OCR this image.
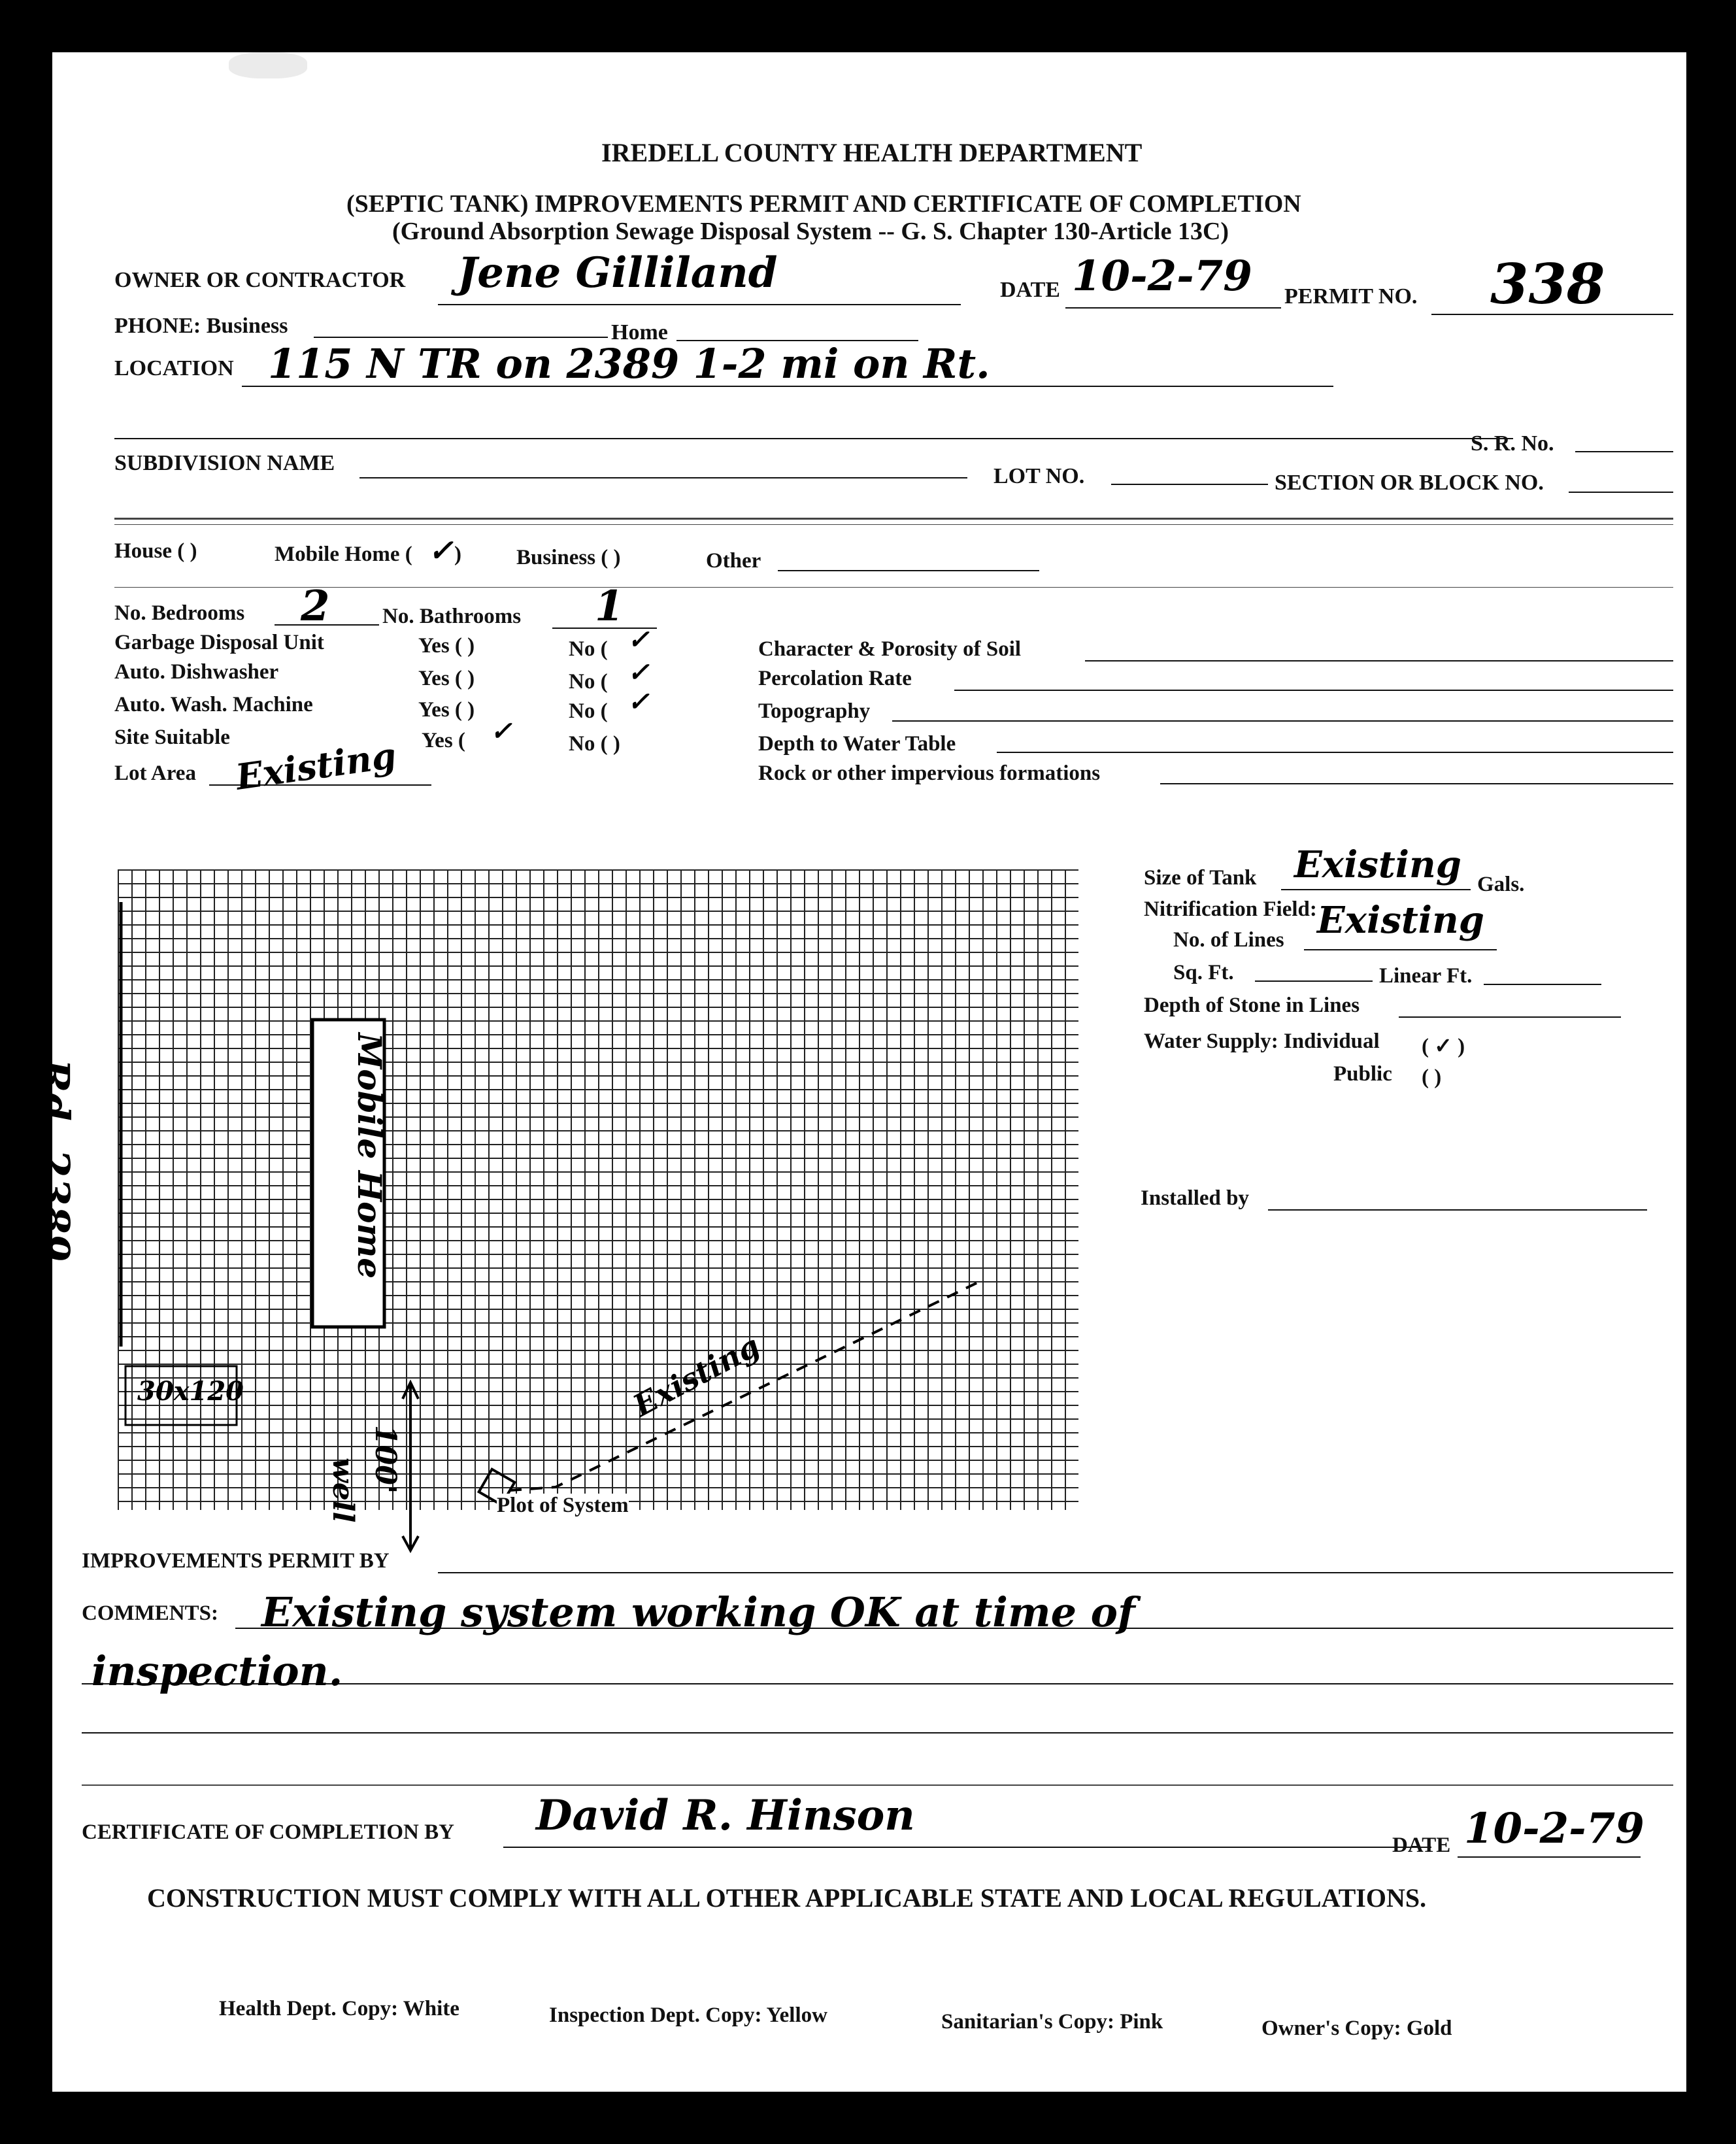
IREDELL COUNTY HEALTH DEPARTMENT
(SEPTIC TANK) IMPROVEMENTS PERMIT AND CERTIFICATE OF COMPLETION
(Ground Absorption Sewage Disposal System -- G. S. Chapter 130-Article 13C)
OWNER OR CONTRACTOR Jene Gilliland	DATE 10-2-79 PERMIT NO. 338
PHONE: Business	Home
LOCATION 115 N TR on 2389 1-2 mi on Rt.
S. R. No.
SUBDIVISION NAME
LOT NO.	SECTION OR BLOCK NO.
House ( )	Mobile Home ( ✓ )	Business ( )	Other
No. Bedrooms 2 No. Bathrooms 1
Garbage Disposal Unit	Yes ( )	No ( ✓
Auto. Dishwasher	Yes ( )	No ( ✓
Auto. Wash. Machine	Yes ( )	No ( ✓
Site Suitable	Yes ( ✓	No ( )
Lot Area Existing
Character & Porosity of Soil
Percolation Rate
Topography
Depth to Water Table
Rock or other impervious formations
Rd. 2389	Mobile Home
30x120
100'
well
Existing
Plot of System
Size of Tank Existing Gals.
Nitrification Field:
No. of Lines Existing
Sq. Ft.	Linear Ft.
Depth of Stone in Lines
Water Supply: Individual ( ✓ )
Public ( )
Installed by
IMPROVEMENTS PERMIT BY
COMMENTS: Existing system working OK at time of
inspection.
CERTIFICATE OF COMPLETION BY David R. Hinson
DATE 10-2-79
CONSTRUCTION MUST COMPLY WITH ALL OTHER APPLICABLE STATE AND LOCAL REGULATIONS.
Health Dept. Copy: White	Inspection Dept. Copy: Yellow	Sanitarian's Copy: Pink	Owner's Copy: Gold
